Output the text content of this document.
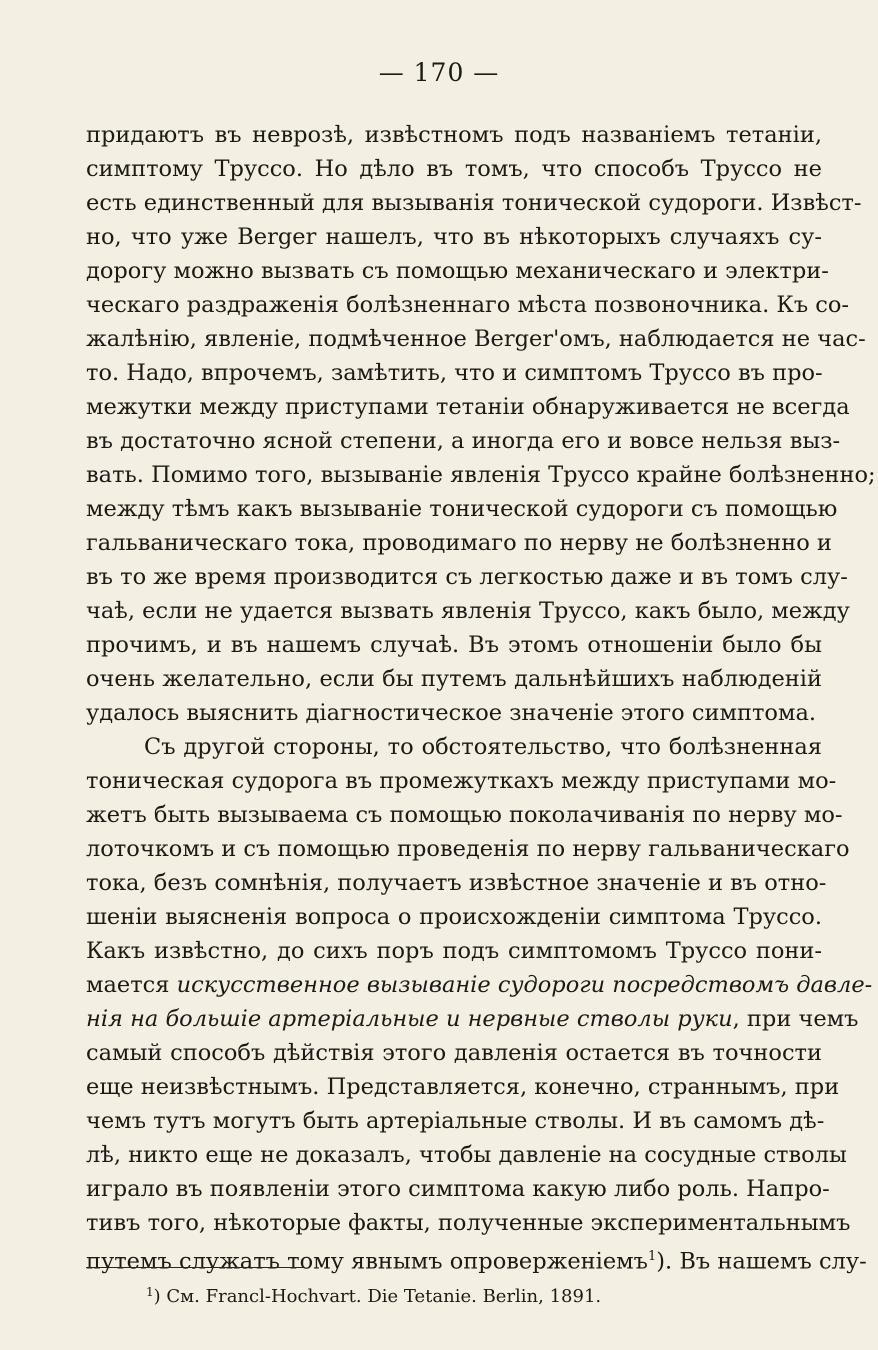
— 170 —
придаютъ въ неврозѣ, извѣстномъ подъ названіемъ тетаніи,
симптому Труссо. Но дѣло въ томъ, что способъ Труссо не
есть единственный для вызыванія тонической судороги. Извѣст-
но, что уже Berger нашелъ, что въ нѣкоторыхъ случаяхъ су-
дорогу можно вызвать съ помощью механическаго и электри-
ческаго раздраженія болѣзненнаго мѣста позвоночника. Къ со-
жалѣнію, явленіе, подмѣченное Berger'омъ, наблюдается не час-
то. Надо, впрочемъ, замѣтить, что и симптомъ Труссо въ про-
межутки между приступами тетаніи обнаруживается не всегда
въ достаточно ясной степени, а иногда его и вовсе нельзя выз-
вать. Помимо того, вызываніе явленія Труссо крайне болѣзненно;
между тѣмъ какъ вызываніе тонической судороги съ помощью
гальваническаго тока, проводимаго по нерву не болѣзненно и
въ то же время производится съ легкостью даже и въ томъ слу-
чаѣ, если не удается вызвать явленія Труссо, какъ было, между
прочимъ, и въ нашемъ случаѣ. Въ этомъ отношеніи было бы
очень желательно, если бы путемъ дальнѣйшихъ наблюденій
удалось выяснить діагностическое значеніе этого симптома.
Съ другой стороны, то обстоятельство, что болѣзненная
тоническая судорога въ промежуткахъ между приступами мо-
жетъ быть вызываема съ помощью поколачиванія по нерву мо-
лоточкомъ и съ помощью проведенія по нерву гальваническаго
тока, безъ сомнѣнія, получаетъ извѣстное значеніе и въ отно-
шеніи выясненія вопроса о происхожденіи симптома Труссо.
Какъ извѣстно, до сихъ поръ подъ симптомомъ Труссо пони-
мается искусственное вызываніе судороги посредствомъ давле-
нія на большіе артеріальные и нервные стволы руки, при чемъ
самый способъ дѣйствія этого давленія остается въ точности
еще неизвѣстнымъ. Представляется, конечно, страннымъ, при
чемъ тутъ могутъ быть артеріальные стволы. И въ самомъ дѣ-
лѣ, никто еще не доказалъ, чтобы давленіе на сосудные стволы
играло въ появленіи этого симптома какую либо роль. Напро-
тивъ того, нѣкоторые факты, полученные экспериментальнымъ
путемъ служатъ тому явнымъ опроверженіемъ$^1$). Въ нашемъ слу-
$^1$) См. Francl-Hochvart. Die Tetanie. Berlin, 1891.
